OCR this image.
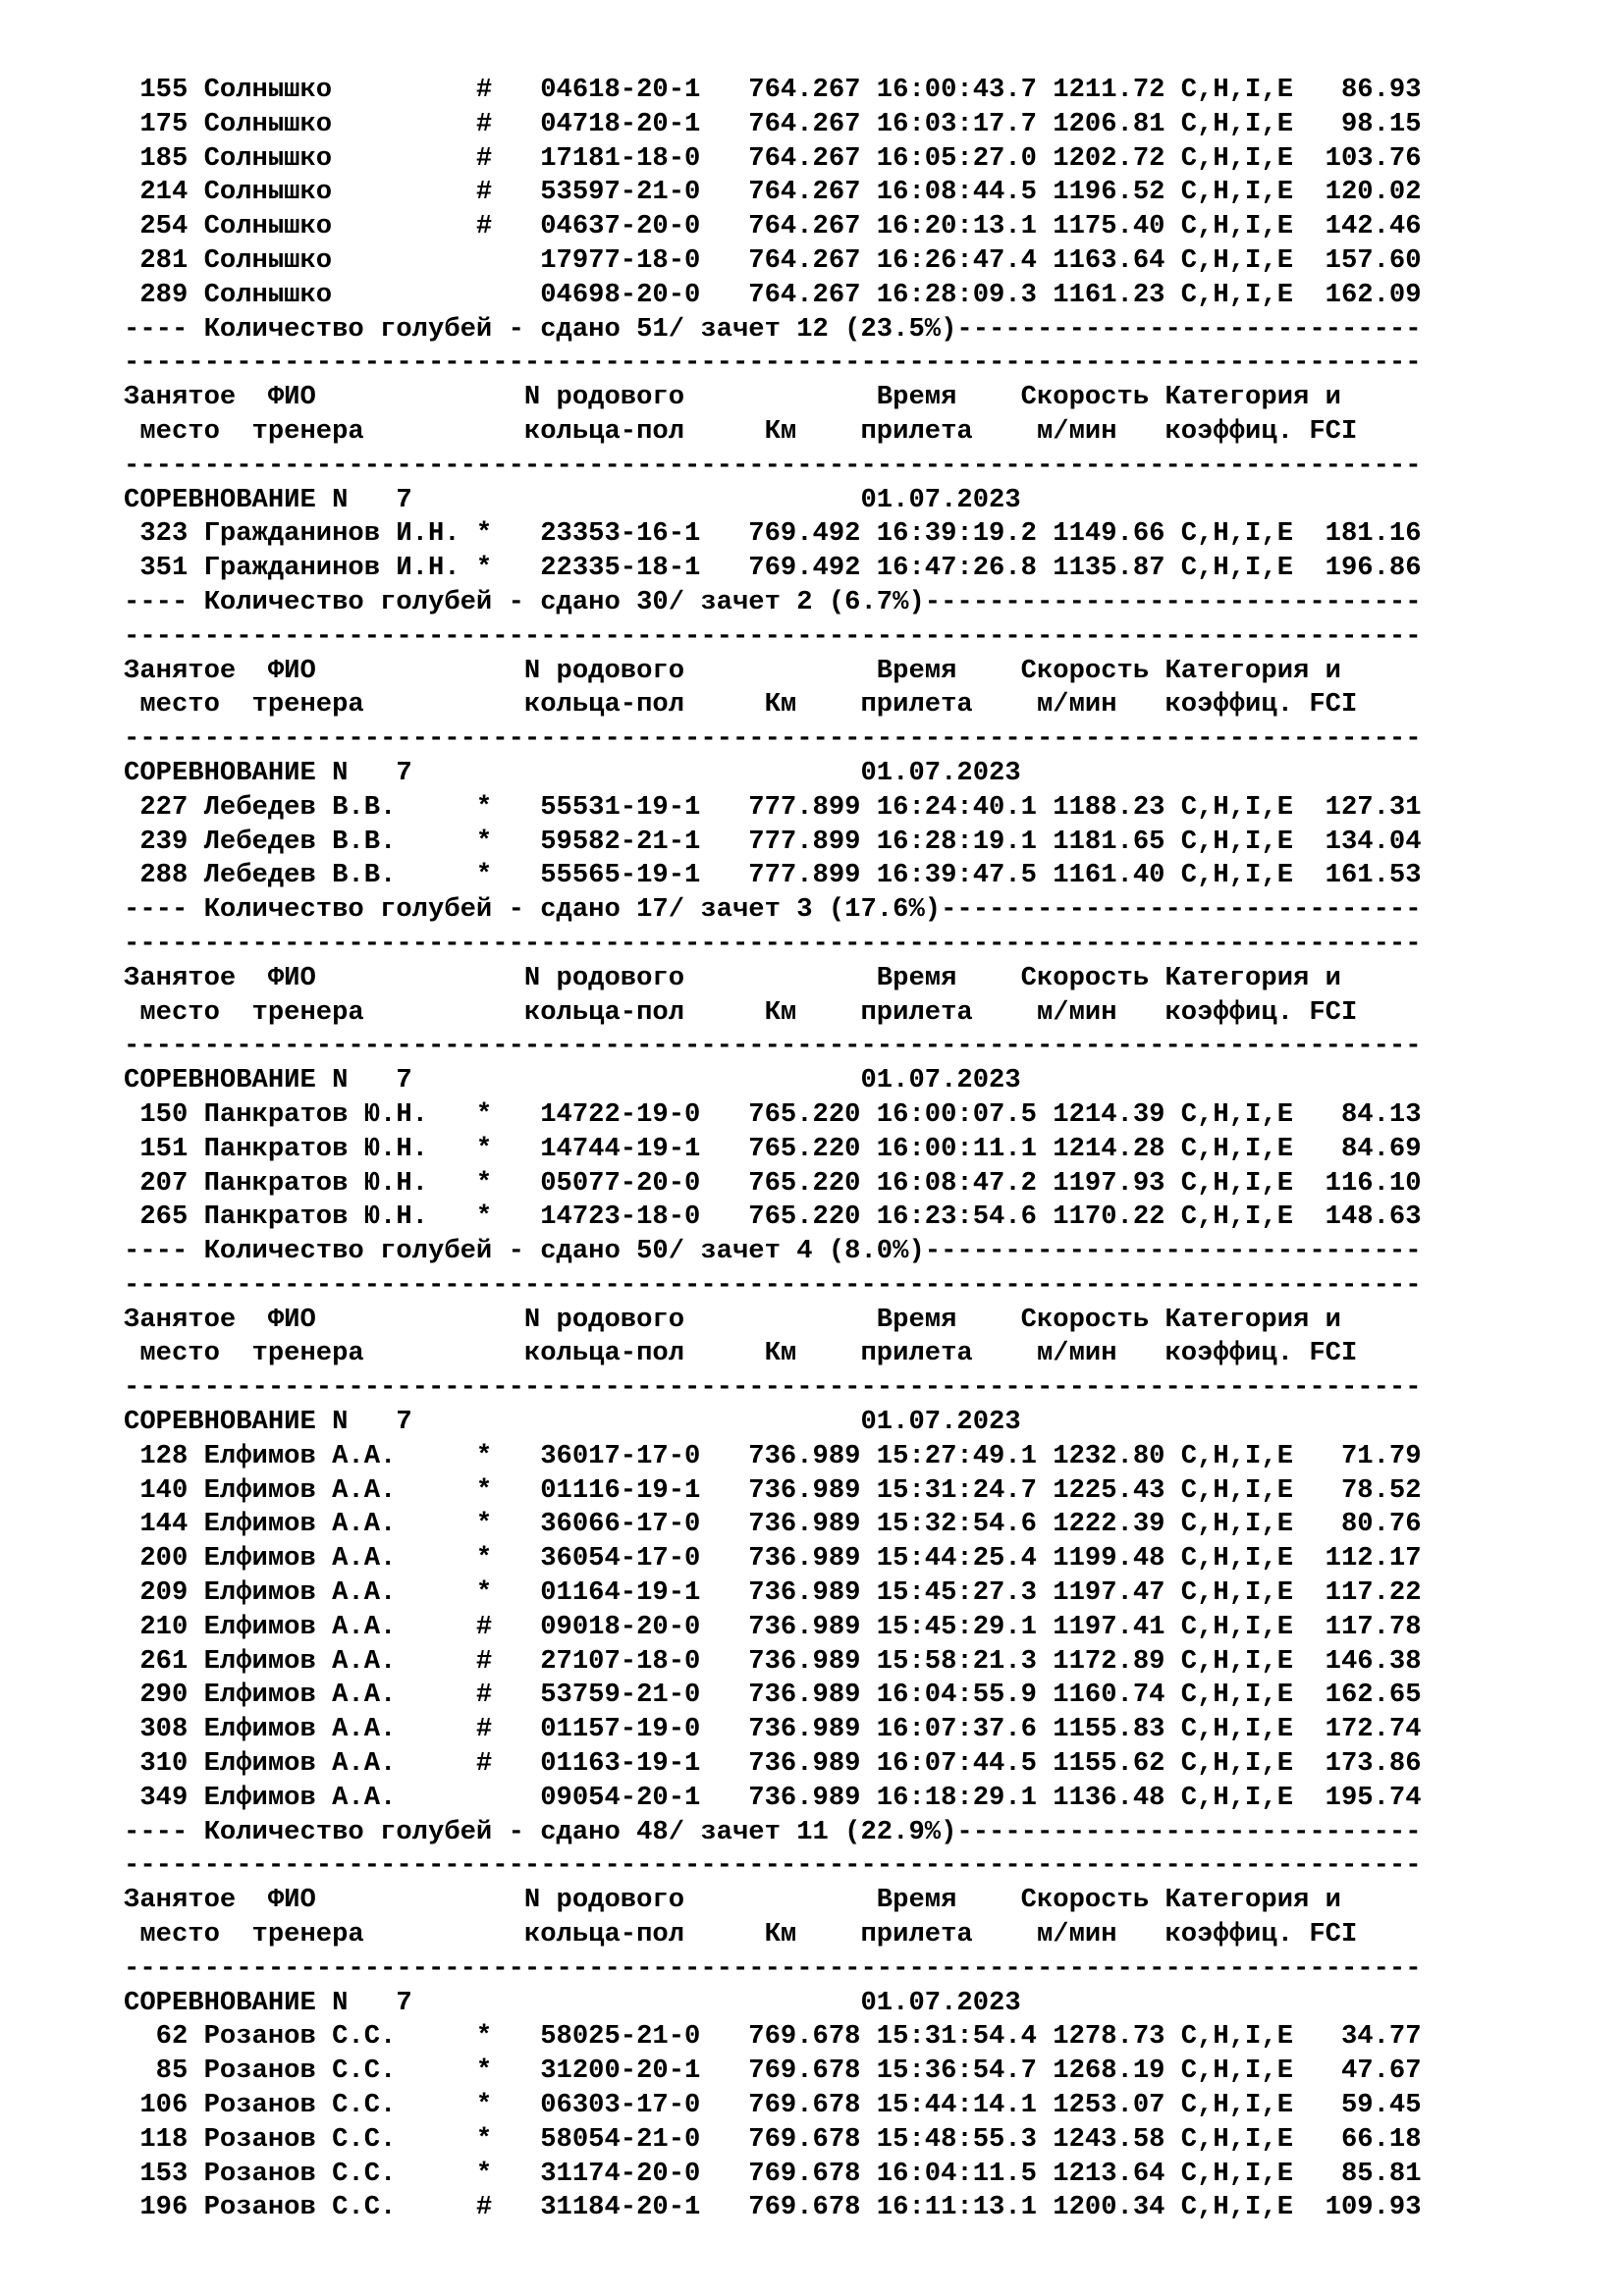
155 Солнышко         #   04618-20-1   764.267 16:00:43.7 1211.72 C,H,I,E   86.93
175 Солнышко         #   04718-20-1   764.267 16:03:17.7 1206.81 C,H,I,E   98.15
185 Солнышко         #   17181-18-0   764.267 16:05:27.0 1202.72 C,H,I,E  103.76
214 Солнышко         #   53597-21-0   764.267 16:08:44.5 1196.52 C,H,I,E  120.02
254 Солнышко         #   04637-20-0   764.267 16:20:13.1 1175.40 C,H,I,E  142.46
281 Солнышко             17977-18-0   764.267 16:26:47.4 1163.64 C,H,I,E  157.60
289 Солнышко             04698-20-0   764.267 16:28:09.3 1161.23 C,H,I,E  162.09
---- Количество голубей - сдано 51/ зачет 12 (23.5%)-----------------------------
---------------------------------------------------------------------------------
Занятое  ФИО             N родового            Время    Скорость Категория и
место  тренера          кольца-пол     Км    прилета    м/мин   коэффиц. FCI
---------------------------------------------------------------------------------
СОРЕВНОВАНИЕ N   7                            01.07.2023
323 Гражданинов И.Н. *   23353-16-1   769.492 16:39:19.2 1149.66 C,H,I,E  181.16
351 Гражданинов И.Н. *   22335-18-1   769.492 16:47:26.8 1135.87 C,H,I,E  196.86
---- Количество голубей - сдано 30/ зачет 2 (6.7%)-------------------------------
---------------------------------------------------------------------------------
Занятое  ФИО             N родового            Время    Скорость Категория и
место  тренера          кольца-пол     Км    прилета    м/мин   коэффиц. FCI
---------------------------------------------------------------------------------
СОРЕВНОВАНИЕ N   7                            01.07.2023
227 Лебедев В.В.     *   55531-19-1   777.899 16:24:40.1 1188.23 C,H,I,E  127.31
239 Лебедев В.В.     *   59582-21-1   777.899 16:28:19.1 1181.65 C,H,I,E  134.04
288 Лебедев В.В.     *   55565-19-1   777.899 16:39:47.5 1161.40 C,H,I,E  161.53
---- Количество голубей - сдано 17/ зачет 3 (17.6%)------------------------------
---------------------------------------------------------------------------------
Занятое  ФИО             N родового            Время    Скорость Категория и
место  тренера          кольца-пол     Км    прилета    м/мин   коэффиц. FCI
---------------------------------------------------------------------------------
СОРЕВНОВАНИЕ N   7                            01.07.2023
150 Панкратов Ю.Н.   *   14722-19-0   765.220 16:00:07.5 1214.39 C,H,I,E   84.13
151 Панкратов Ю.Н.   *   14744-19-1   765.220 16:00:11.1 1214.28 C,H,I,E   84.69
207 Панкратов Ю.Н.   *   05077-20-0   765.220 16:08:47.2 1197.93 C,H,I,E  116.10
265 Панкратов Ю.Н.   *   14723-18-0   765.220 16:23:54.6 1170.22 C,H,I,E  148.63
---- Количество голубей - сдано 50/ зачет 4 (8.0%)-------------------------------
---------------------------------------------------------------------------------
Занятое  ФИО             N родового            Время    Скорость Категория и
место  тренера          кольца-пол     Км    прилета    м/мин   коэффиц. FCI
---------------------------------------------------------------------------------
СОРЕВНОВАНИЕ N   7                            01.07.2023
128 Елфимов А.А.     *   36017-17-0   736.989 15:27:49.1 1232.80 C,H,I,E   71.79
140 Елфимов А.А.     *   01116-19-1   736.989 15:31:24.7 1225.43 C,H,I,E   78.52
144 Елфимов А.А.     *   36066-17-0   736.989 15:32:54.6 1222.39 C,H,I,E   80.76
200 Елфимов А.А.     *   36054-17-0   736.989 15:44:25.4 1199.48 C,H,I,E  112.17
209 Елфимов А.А.     *   01164-19-1   736.989 15:45:27.3 1197.47 C,H,I,E  117.22
210 Елфимов А.А.     #   09018-20-0   736.989 15:45:29.1 1197.41 C,H,I,E  117.78
261 Елфимов А.А.     #   27107-18-0   736.989 15:58:21.3 1172.89 C,H,I,E  146.38
290 Елфимов А.А.     #   53759-21-0   736.989 16:04:55.9 1160.74 C,H,I,E  162.65
308 Елфимов А.А.     #   01157-19-0   736.989 16:07:37.6 1155.83 C,H,I,E  172.74
310 Елфимов А.А.     #   01163-19-1   736.989 16:07:44.5 1155.62 C,H,I,E  173.86
349 Елфимов А.А.         09054-20-1   736.989 16:18:29.1 1136.48 C,H,I,E  195.74
---- Количество голубей - сдано 48/ зачет 11 (22.9%)-----------------------------
---------------------------------------------------------------------------------
Занятое  ФИО             N родового            Время    Скорость Категория и
место  тренера          кольца-пол     Км    прилета    м/мин   коэффиц. FCI
---------------------------------------------------------------------------------
СОРЕВНОВАНИЕ N   7                            01.07.2023
62 Розанов С.С.     *   58025-21-0   769.678 15:31:54.4 1278.73 C,H,I,E   34.77
85 Розанов С.С.     *   31200-20-1   769.678 15:36:54.7 1268.19 C,H,I,E   47.67
106 Розанов С.С.     *   06303-17-0   769.678 15:44:14.1 1253.07 C,H,I,E   59.45
118 Розанов С.С.     *   58054-21-0   769.678 15:48:55.3 1243.58 C,H,I,E   66.18
153 Розанов С.С.     *   31174-20-0   769.678 16:04:11.5 1213.64 C,H,I,E   85.81
196 Розанов С.С.     #   31184-20-1   769.678 16:11:13.1 1200.34 C,H,I,E  109.93
